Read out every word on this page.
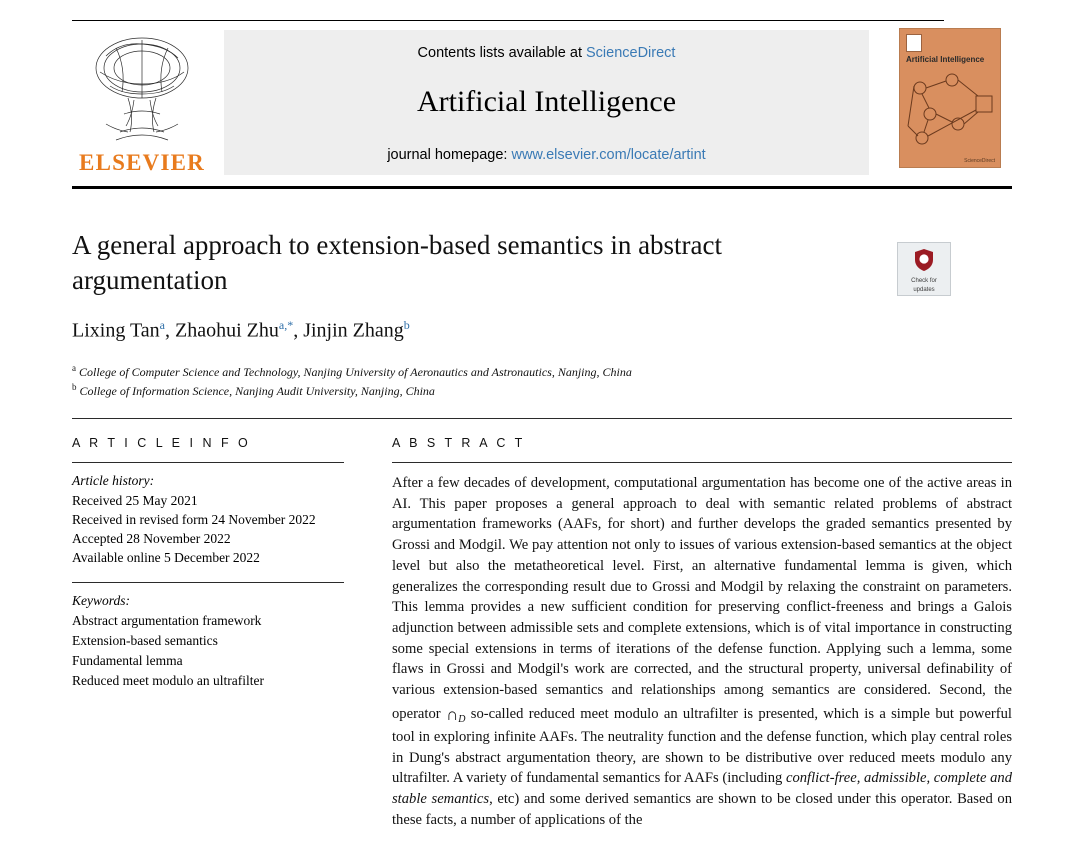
ELSEVIER
Contents lists available at ScienceDirect
Artificial Intelligence
journal homepage: www.elsevier.com/locate/artint
Artificial Intelligence
ScienceDirect
A general approach to extension-based semantics in abstract argumentation	Check for
updates
Lixing Tan$^a$, Zhaohui Zhu$^{a,*}$, Jinjin Zhang$^b$
$^a$ College of Computer Science and Technology, Nanjing University of Aeronautics and Astronautics, Nanjing, China
$^b$ College of Information Science, Nanjing Audit University, Nanjing, China
A R T I C L E I N F O
Article history:
Received 25 May 2021
Received in revised form 24 November 2022
Accepted 28 November 2022
Available online 5 December 2022
Keywords:
Abstract argumentation framework
Extension-based semantics
Fundamental lemma
Reduced meet modulo an ultrafilter
A B S T R A C T
After a few decades of development, computational argumentation has become one of the active areas in AI. This paper proposes a general approach to deal with semantic related problems of abstract argumentation frameworks (AAFs, for short) and further develops the graded semantics presented by Grossi and Modgil. We pay attention not only to issues of various extension-based semantics at the object level but also the metatheoretical level. First, an alternative fundamental lemma is given, which generalizes the corresponding result due to Grossi and Modgil by relaxing the constraint on parameters. This lemma provides a new sufficient condition for preserving conflict-freeness and brings a Galois adjunction between admissible sets and complete extensions, which is of vital importance in constructing some special extensions in terms of iterations of the defense function. Applying such a lemma, some flaws in Grossi and Modgil's work are corrected, and the structural property, universal definability of various extension-based semantics and relationships among semantics are considered. Second, the operator $\cap_D$ so-called reduced meet modulo an ultrafilter is presented, which is a simple but powerful tool in exploring infinite AAFs. The neutrality function and the defense function, which play central roles in Dung's abstract argumentation theory, are shown to be distributive over reduced meets modulo any ultrafilter. A variety of fundamental semantics for AAFs (including conflict-free, admissible, complete and stable semantics, etc) and some derived semantics are shown to be closed under this operator. Based on these facts, a number of applications of the
